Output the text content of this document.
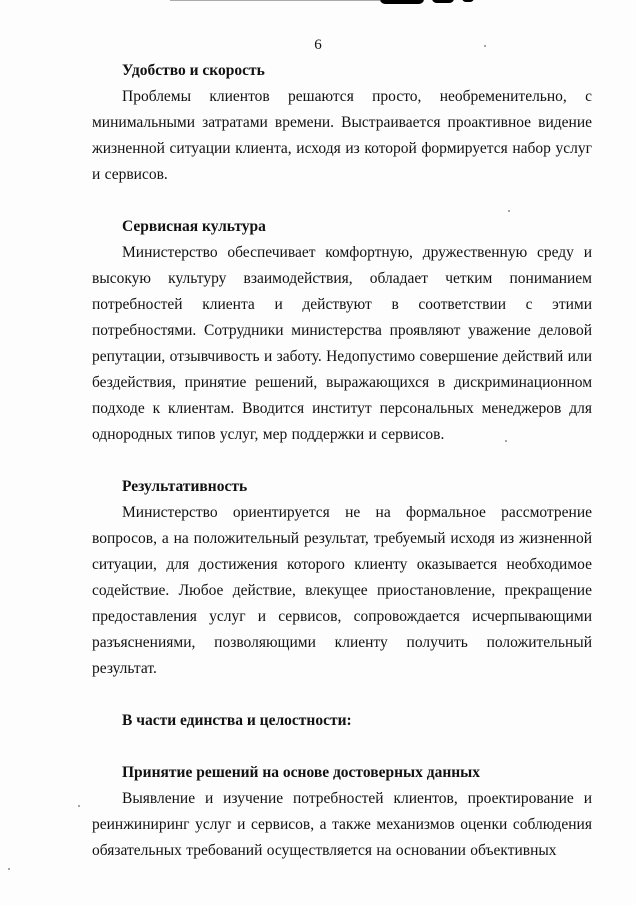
6
Удобство и скорость

Проблемы клиентов решаются просто, необременительно, с минимальными затратами времени. Выстраивается проактивное видение жизненной ситуации клиента, исходя из которой формируется набор услуг и сервисов.

Сервисная культура

Министерство обеспечивает комфортную, дружественную среду и высокую культуру взаимодействия, обладает четким пониманием потребностей клиента и действуют в соответствии с этими потребностями. Сотрудники министерства проявляют уважение деловой репутации, отзывчивость и заботу. Недопустимо совершение действий или бездействия, принятие решений, выражающихся в дискриминационном подходе к клиентам. Вводится институт персональных менеджеров для однородных типов услуг, мер поддержки и сервисов.

Результативность

Министерство ориентируется не на формальное рассмотрение вопросов, а на положительный результат, требуемый исходя из жизненной ситуации, для достижения которого клиенту оказывается необходимое содействие. Любое действие, влекущее приостановление, прекращение предоставления услуг и сервисов, сопровождается исчерпывающими разъяснениями, позволяющими клиенту получить положительный результат.

В части единства и целостности:
Принятие решений на основе достоверных данных

Выявление и изучение потребностей клиентов, проектирование и реинжиниринг услуг и сервисов, а также механизмов оценки соблюдения обязательных требований осуществляется на основании объективных
